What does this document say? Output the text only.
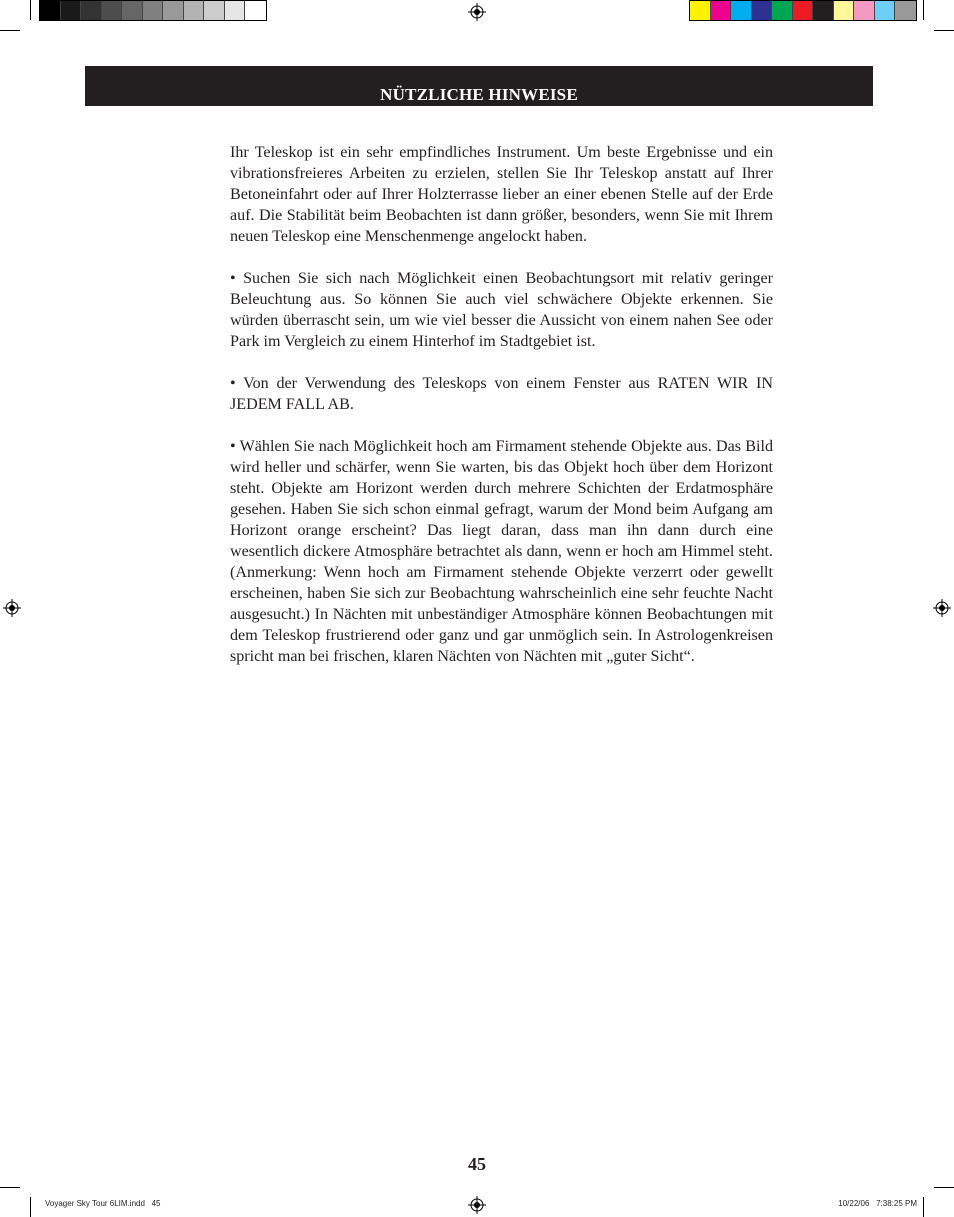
NÜTZLICHE HINWEISE

Ihr Teleskop ist ein sehr empfindliches Instrument. Um beste Ergebnisse und ein vibrationsfreieres Arbeiten zu erzielen, stellen Sie Ihr Teleskop anstatt auf Ihrer Betoneinfahrt oder auf Ihrer Holzterrasse lieber an einer ebenen Stelle auf der Erde auf. Die Stabilität beim Beobachten ist dann größer, besonders, wenn Sie mit Ihrem neuen Teleskop eine Menschenmenge angelockt haben.

• Suchen Sie sich nach Möglichkeit einen Beobachtungsort mit relativ geringer Beleuchtung aus. So können Sie auch viel schwächere Objekte erkennen. Sie würden überrascht sein, um wie viel besser die Aussicht von einem nahen See oder Park im Vergleich zu einem Hinterhof im Stadtgebiet ist.

• Von der Verwendung des Teleskops von einem Fenster aus RATEN WIR IN JEDEM FALL AB.

• Wählen Sie nach Möglichkeit hoch am Firmament stehende Objekte aus. Das Bild wird heller und schärfer, wenn Sie warten, bis das Objekt hoch über dem Horizont steht. Objekte am Horizont werden durch mehrere Schichten der Erdatmosphäre gesehen. Haben Sie sich schon einmal gefragt, warum der Mond beim Aufgang am Horizont orange erscheint? Das liegt daran, dass man ihn dann durch eine wesentlich dickere Atmosphäre betrachtet als dann, wenn er hoch am Himmel steht. (Anmerkung: Wenn hoch am Firmament stehende Objekte verzerrt oder gewellt erscheinen, haben Sie sich zur Beobachtung wahrscheinlich eine sehr feuchte Nacht ausgesucht.) In Nächten mit unbeständiger Atmosphäre können Beobachtungen mit dem Teleskop frustrierend oder ganz und gar unmöglich sein. In Astrologenkreisen spricht man bei frischen, klaren Nächten von Nächten mit „guter Sicht“.

45
Voyager Sky Tour 6LIM.indd   45	10/22/06   7:38:25 PM
